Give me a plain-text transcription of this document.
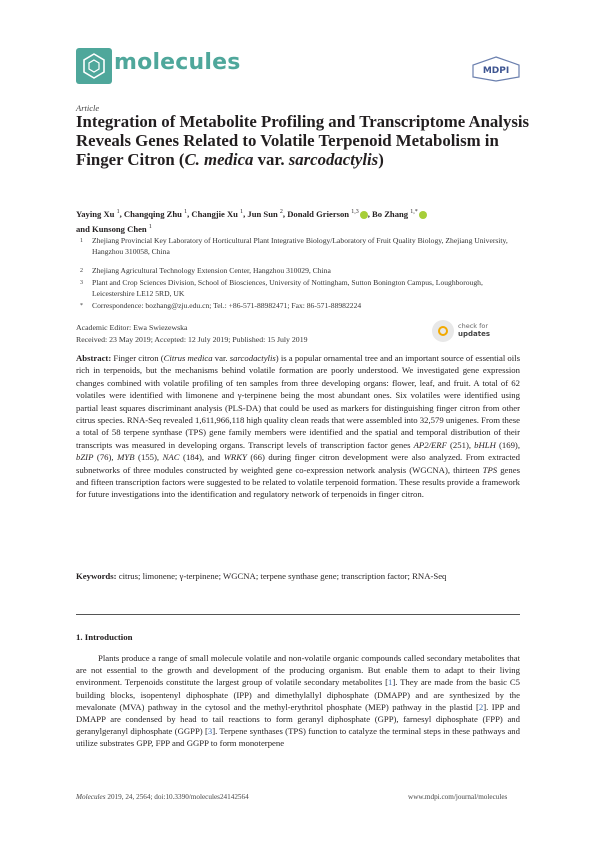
molecules	MDPI
Article
Integration of Metabolite Profiling and Transcriptome Analysis Reveals Genes Related to Volatile Terpenoid Metabolism in Finger Citron (C. medica var. sarcodactylis)
Yaying Xu $^1$, Changqing Zhu $^1$, Changjie Xu $^1$, Jun Sun $^2$, Donald Grierson $^{1,3}$ , Bo Zhang $^{1,*}$
and Kunsong Chen $^1$
1	Zhejiang Provincial Key Laboratory of Horticultural Plant Integrative Biology/Laboratory of Fruit Quality Biology, Zhejiang University, Hangzhou 310058, China
2	Zhejiang Agricultural Technology Extension Center, Hangzhou 310029, China
3	Plant and Crop Sciences Division, School of Biosciences, University of Nottingham, Sutton Bonington Campus, Loughborough, Leicestershire LE12 5RD, UK
*	Correspondence: bozhang@zju.edu.cn; Tel.: +86-571-88982471; Fax: 86-571-88982224
Academic Editor: Ewa Swiezewska
Received: 23 May 2019; Accepted: 12 July 2019; Published: 15 July 2019
check for
updates
Abstract: Finger citron (Citrus medica var. sarcodactylis) is a popular ornamental tree and an important source of essential oils rich in terpenoids, but the mechanisms behind volatile formation are poorly understood. We investigated gene expression changes combined with volatile profiling of ten samples from three developing organs: flower, leaf, and fruit. A total of 62 volatiles were identified with limonene and γ-terpinene being the most abundant ones. Six volatiles were identified using partial least squares discriminant analysis (PLS-DA) that could be used as markers for distinguishing finger citron from other citrus species. RNA-Seq revealed 1,611,966,118 high quality clean reads that were assembled into 32,579 unigenes. From these a total of 58 terpene synthase (TPS) gene family members were identified and the spatial and temporal distribution of their transcripts was measured in developing organs. Transcript levels of transcription factor genes AP2/ERF (251), bHLH (169), bZIP (76), MYB (155), NAC (184), and WRKY (66) during finger citron development were also analyzed. From extracted subnetworks of three modules constructed by weighted gene co-expression network analysis (WGCNA), thirteen TPS genes and fifteen transcription factors were suggested to be related to volatile terpenoid formation. These results provide a framework for future investigations into the identification and regulatory network of terpenoids in finger citron.
Keywords: citrus; limonene; γ-terpinene; WGCNA; terpene synthase gene; transcription factor; RNA-Seq
1. Introduction
Plants produce a range of small molecule volatile and non-volatile organic compounds called secondary metabolites that are not essential to the growth and development of the producing organism. But enable them to adapt to their living environment. Terpenoids constitute the largest group of volatile secondary metabolites [1]. They are made from the basic C5 building blocks, isopentenyl diphosphate (IPP) and dimethylallyl diphosphate (DMAPP) and are synthesized by the mevalonate (MVA) pathway in the cytosol and the methyl-erythritol phosphate (MEP) pathway in the plastid [2]. IPP and DMAPP are condensed by head to tail reactions to form geranyl diphosphate (GPP), farnesyl diphosphate (FPP) and geranylgeranyl diphosphate (GGPP) [3]. Terpene synthases (TPS) function to catalyze the terminal steps in these pathways and utilize substrates GPP, FPP and GGPP to form monoterpene
Molecules 2019, 24, 2564; doi:10.3390/molecules24142564	www.mdpi.com/journal/molecules
